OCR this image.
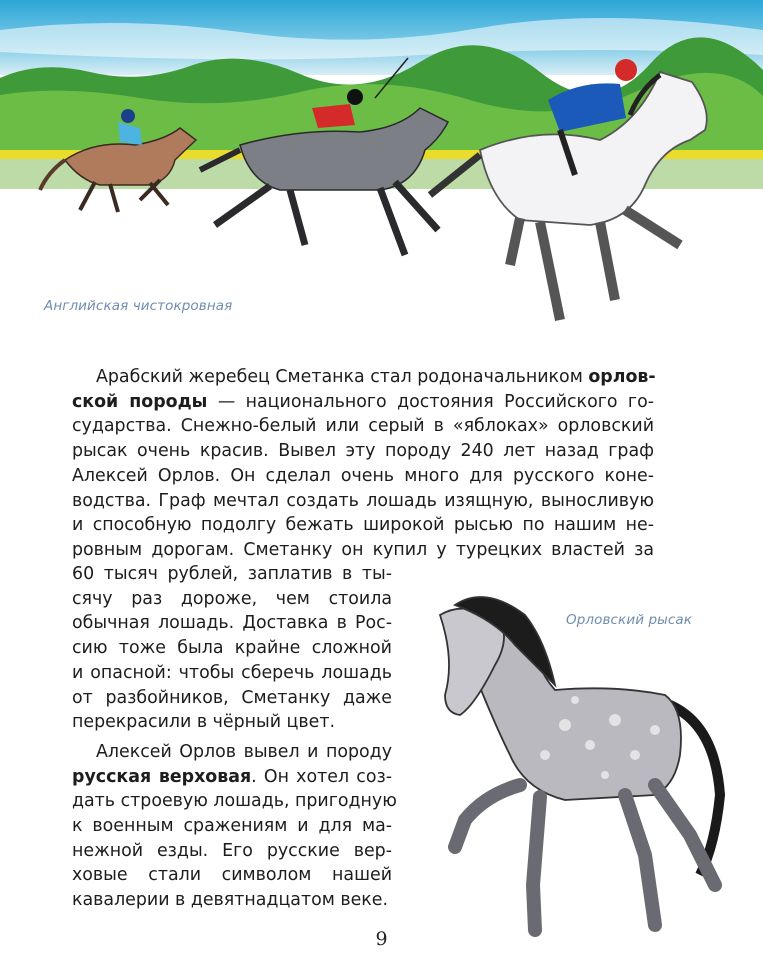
Английская чистокровная
Арабский жеребец Сметанка стал родоначальником орлов-
ской породы — национального достояния Российского го-
сударства. Снежно-белый или серый в «яблоках» орловский
рысак очень красив. Вывел эту породу 240 лет назад граф
Алексей Орлов. Он сделал очень много для русского коне-
водства. Граф мечтал создать лошадь изящную, выносливую
и способную подолгу бежать широкой рысью по нашим не-
ровным дорогам. Сметанку он купил у турецких властей за
60 тысяч рублей, заплатив в ты-
сячу раз дороже, чем стоила
обычная лошадь. Доставка в Рос-
сию тоже была крайне сложной
и опасной: чтобы сберечь лошадь
от разбойников, Сметанку даже
перекрасили в чёрный цвет.
Алексей Орлов вывел и породу
русская верховая. Он хотел соз-
дать строевую лошадь, пригодную
к военным сражениям и для ма-
нежной езды. Его русские вер-
ховые стали символом нашей
кавалерии в девятнадцатом веке.
Орловский рысак
9
